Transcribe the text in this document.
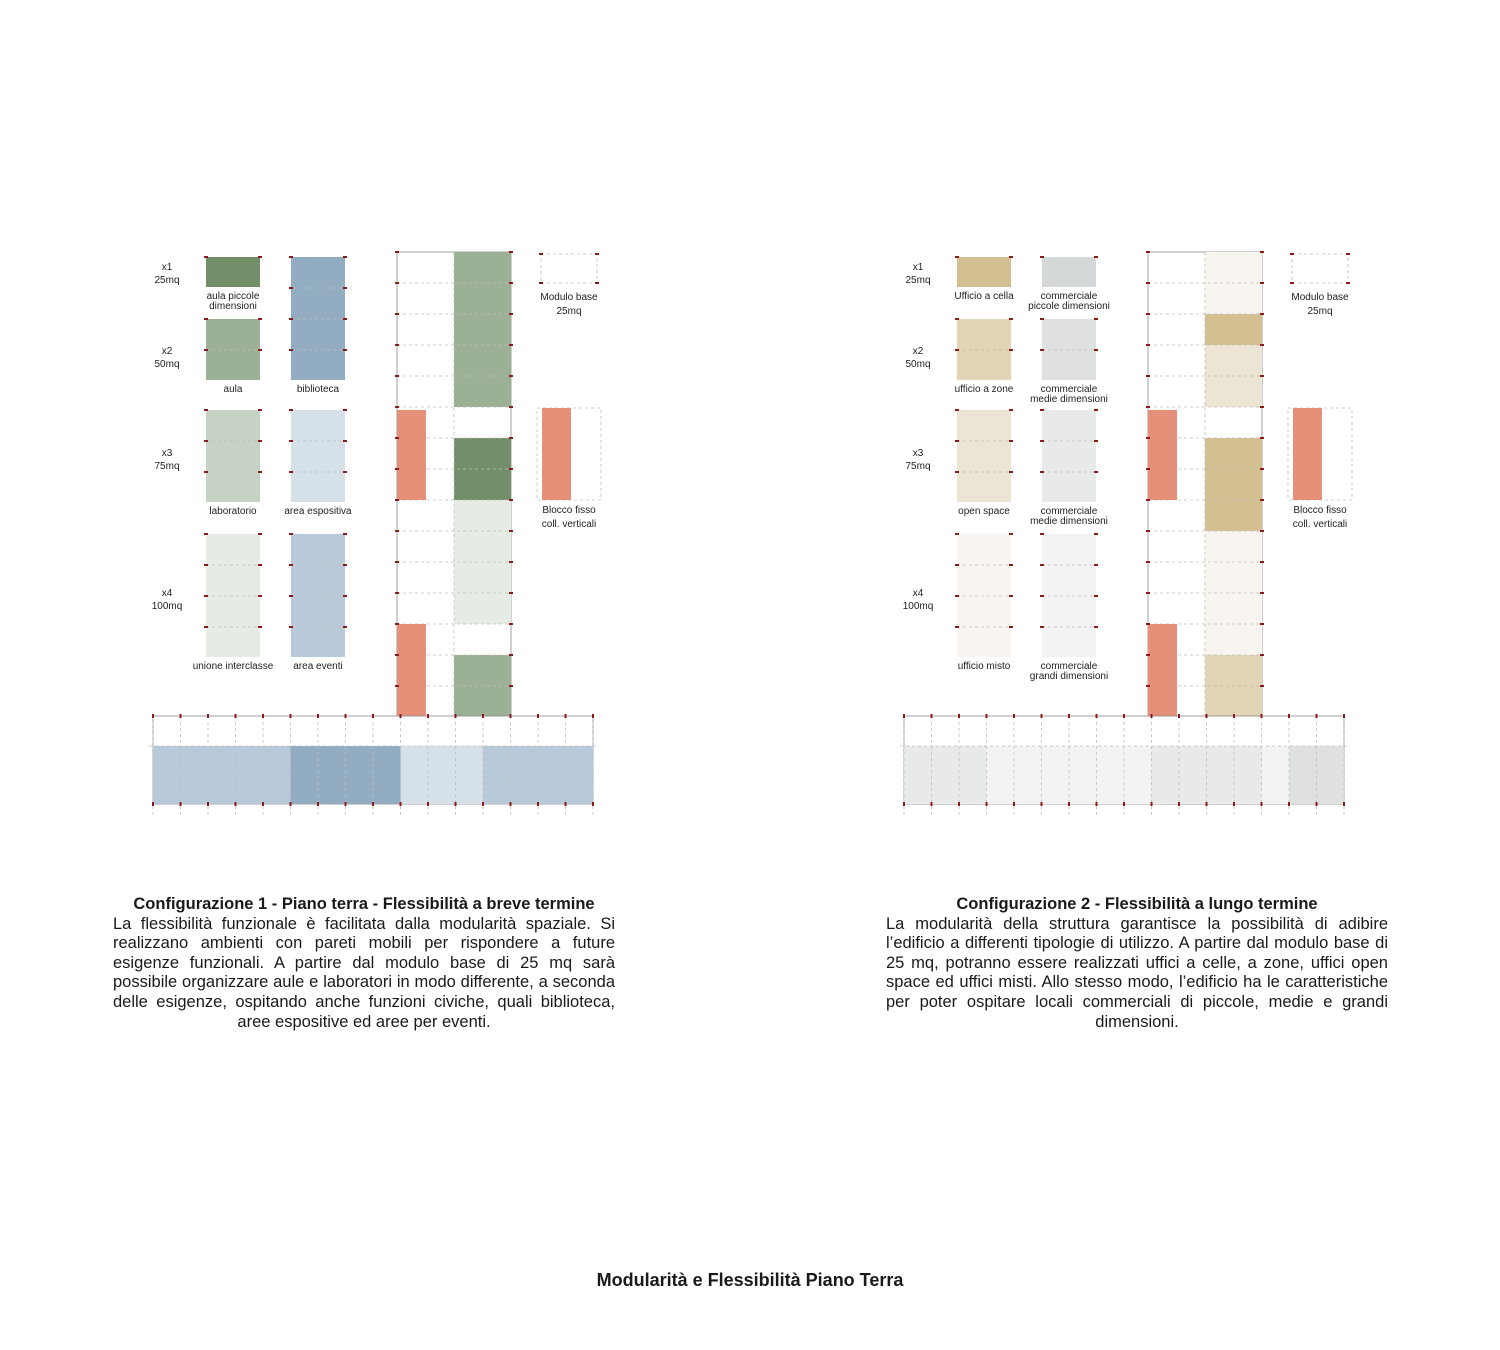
x1
25mq
x2
50mq
x3
75mq
x4
100mq
aula piccole
dimensioni
aula
laboratorio
unione interclasse
biblioteca
area espositiva
area eventi
Modulo base
25mq
Blocco fisso
coll. verticali
x1
25mq
x2
50mq
x3
75mq
x4
100mq
Ufficio a cella
ufficio a zone
open space
ufficio misto
commerciale
piccole dimensioni
commerciale
medie dimensioni
commerciale
medie dimensioni
commerciale
grandi dimensioni
Modulo base
25mq
Blocco fisso
coll. verticali
Configurazione 1 - Piano terra - Flessibilità a breve termine

La flessibilità funzionale è facilitata dalla modularità spaziale. Si realizzano ambienti con pareti mobili per rispondere a future esigenze funzionali. A partire dal modulo base di 25 mq sarà possibile organizzare aule e laboratori in modo differente, a seconda delle esigenze, ospitando anche funzioni civiche, quali biblioteca, aree espositive ed aree per eventi.

Configurazione 2 - Flessibilità a lungo termine

La modularità della struttura garantisce la possibilità di adibire l’edificio a differenti tipologie di utilizzo. A partire dal modulo base di 25 mq, potranno essere realizzati uffici a celle, a zone, uffici open space ed uffici misti. Allo stesso modo, l’edificio ha le caratteristiche per poter ospitare locali commerciali di piccole, medie e grandi dimensioni.

Modularità e Flessibilità Piano Terra
